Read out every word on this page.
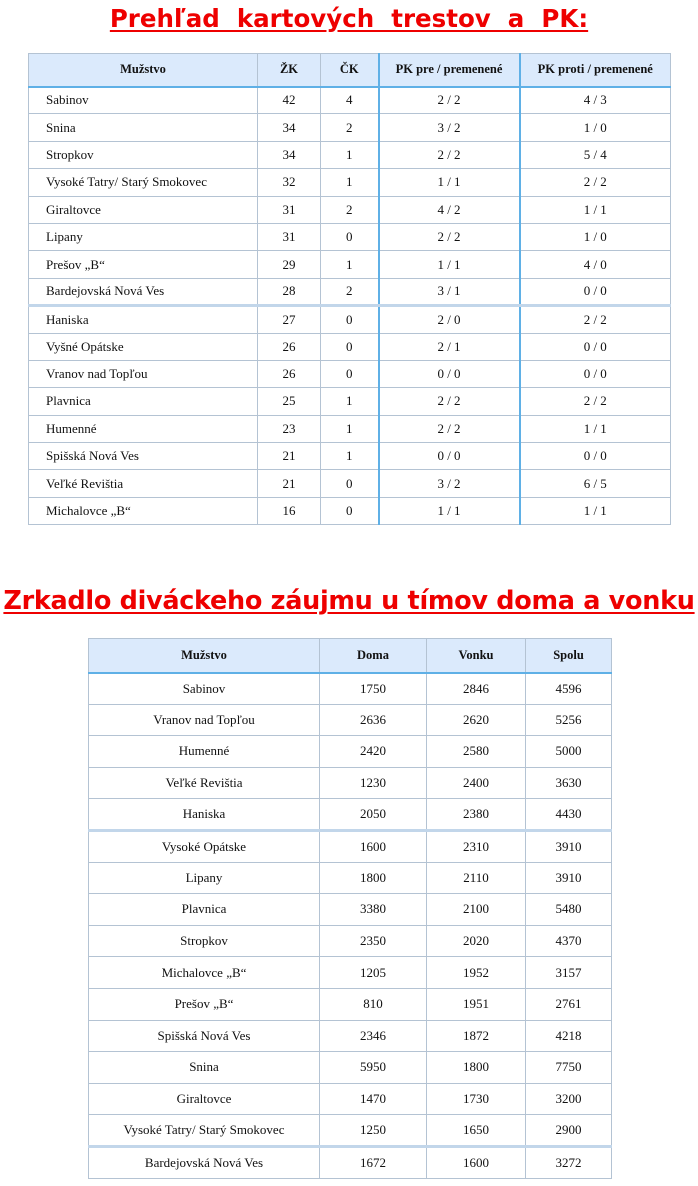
Prehľad  kartových  trestov  a  PK:
Mužstvo	ŽK	ČK	PK pre / premenené	PK proti / premenené
Sabinov	42	4	2 / 2	4 / 3
Snina	34	2	3 / 2	1 / 0
Stropkov	34	1	2 / 2	5 / 4
Vysoké Tatry/ Starý Smokovec	32	1	1 / 1	2 / 2
Giraltovce	31	2	4 / 2	1 / 1
Lipany	31	0	2 / 2	1 / 0
Prešov „B“	29	1	1 / 1	4 / 0
Bardejovská Nová Ves	28	2	3 / 1	0 / 0
Haniska	27	0	2 / 0	2 / 2
Vyšné Opátske	26	0	2 / 1	0 / 0
Vranov nad Topľou	26	0	0 / 0	0 / 0
Plavnica	25	1	2 / 2	2 / 2
Humenné	23	1	2 / 2	1 / 1
Spišská Nová Ves	21	1	0 / 0	0 / 0
Veľké Revištia	21	0	3 / 2	6 / 5
Michalovce „B“	16	0	1 / 1	1 / 1
Zrkadlo diváckeho záujmu u tímov doma a vonku
Mužstvo	Doma	Vonku	Spolu
Sabinov	1750	2846	4596
Vranov nad Topľou	2636	2620	5256
Humenné	2420	2580	5000
Veľké Revištia	1230	2400	3630
Haniska	2050	2380	4430
Vysoké Opátske	1600	2310	3910
Lipany	1800	2110	3910
Plavnica	3380	2100	5480
Stropkov	2350	2020	4370
Michalovce „B“	1205	1952	3157
Prešov „B“	810	1951	2761
Spišská Nová Ves	2346	1872	4218
Snina	5950	1800	7750
Giraltovce	1470	1730	3200
Vysoké Tatry/ Starý Smokovec	1250	1650	2900
Bardejovská Nová Ves	1672	1600	3272
